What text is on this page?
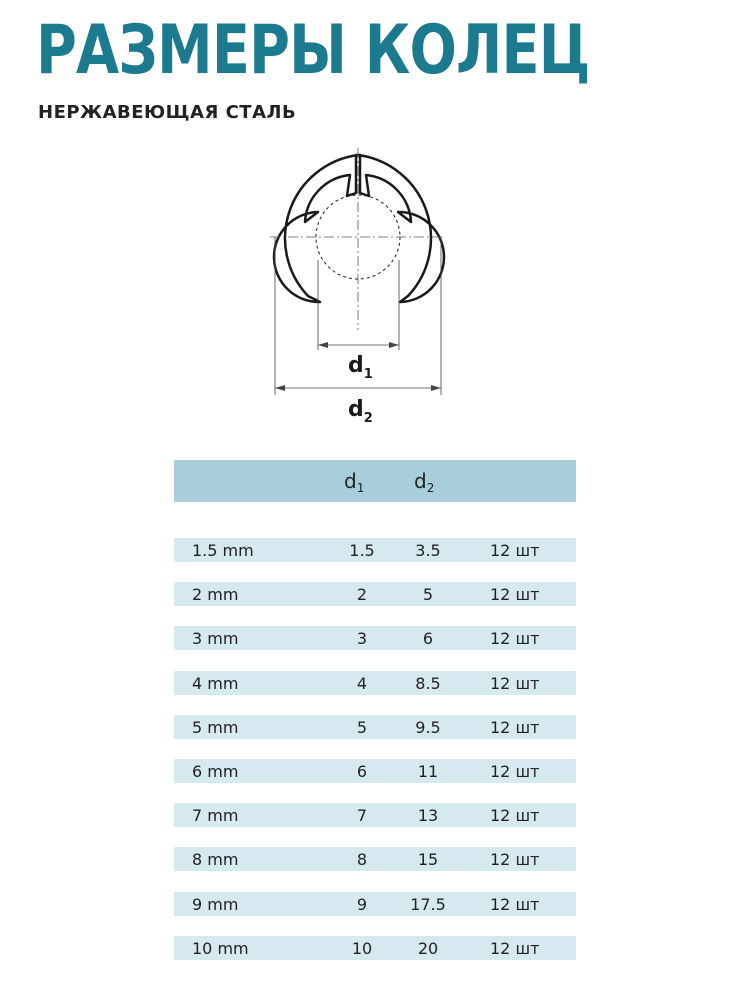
РАЗМЕРЫ КОЛЕЦ
НЕРЖАВЕЮЩАЯ СТАЛЬ
$d_1$
$d_2$
$d_1$ $d_2$
1.5 mm	1.5	3.5	12 шт
2 mm	2	5	12 шт
3 mm	3	6	12 шт
4 mm	4	8.5	12 шт
5 mm	5	9.5	12 шт
6 mm	6	11	12 шт
7 mm	7	13	12 шт
8 mm	8	15	12 шт
9 mm	9	17.5	12 шт
10 mm	10	20	12 шт
